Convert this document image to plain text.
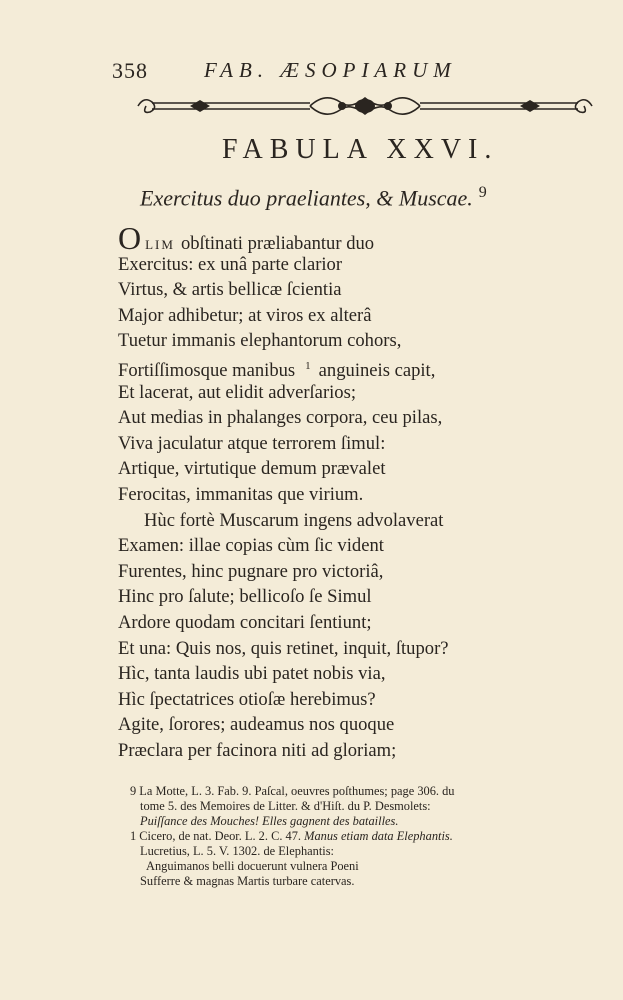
358	FAB. ÆSOPIARUM
FABULA XXVI.
Exercitus duo praeliantes, & Muscae. $^9$
OLIM obſtinati præliabantur duo
Exercitus: ex unâ parte clarior
Virtus, & artis bellicæ ſcientia
Major adhibetur; at viros ex alterâ
Tuetur immanis elephantorum cohors,
Fortiſſimosque manibus $^1$ anguineis capit,
Et lacerat, aut elidit adverſarios;
Aut medias in phalanges corpora, ceu pilas,
Viva jaculatur atque terrorem ſimul:
Artique, virtutique demum prævalet
Ferocitas, immanitas que virium.
Hùc fortè Muscarum ingens advolaverat
Examen: illae copias cùm ſic vident
Furentes, hinc pugnare pro victoriâ,
Hinc pro ſalute; bellicoſo ſe Simul
Ardore quodam concitari ſentiunt;
Et una: Quis nos, quis retinet, inquit, ſtupor?
Hìc, tanta laudis ubi patet nobis via,
Hìc ſpectatrices otioſæ herebimus?
Agite, ſorores; audeamus nos quoque
Præclara per facinora niti ad gloriam;
9 La Motte, L. 3. Fab. 9. Paſcal, oeuvres poſthumes; page 306. du
tome 5. des Memoires de Litter. & d'Hiſt. du P. Desmolets:
Puiſſance des Mouches! Elles gagnent des batailles.
1 Cicero, de nat. Deor. L. 2. C. 47. Manus etiam data Elephantis.
Lucretius, L. 5. V. 1302. de Elephantis:
Anguimanos belli docuerunt vulnera Poeni
Sufferre & magnas Martis turbare catervas.
